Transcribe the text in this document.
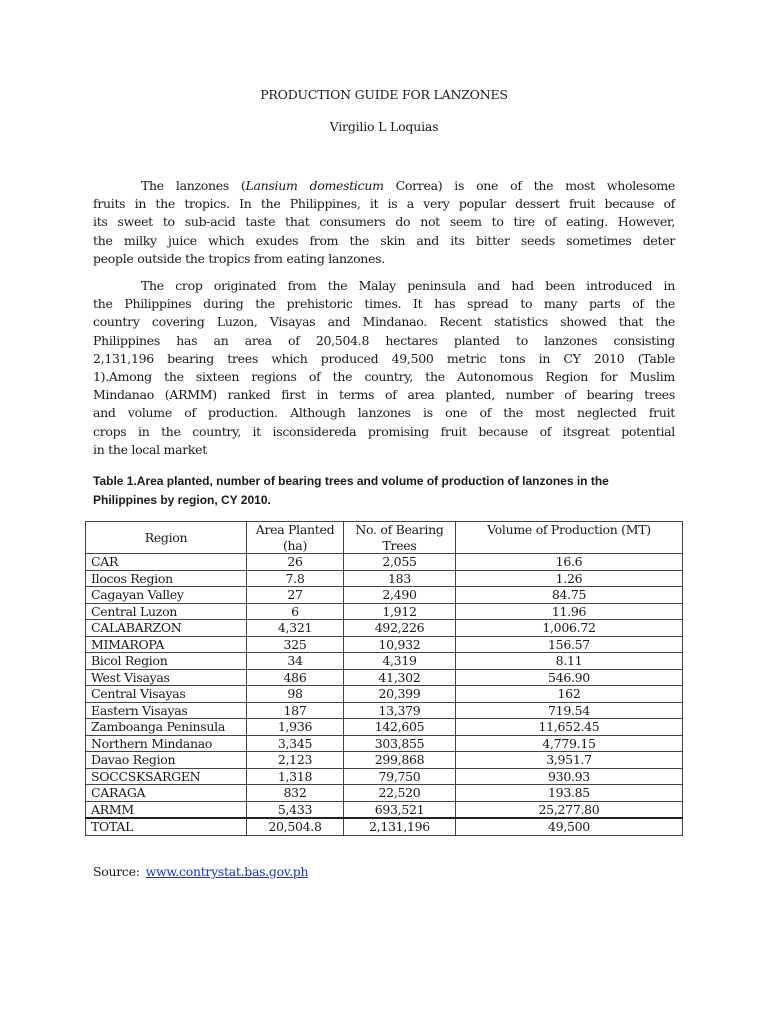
PRODUCTION GUIDE FOR LANZONES
Virgilio L Loquias
The lanzones (Lansium domesticum Correa) is one of the most wholesome
fruits in the tropics. In the Philippines, it is a very popular dessert fruit because of
its sweet to sub-acid taste that consumers do not seem to tire of eating. However,
the milky juice which exudes from the skin and its bitter seeds sometimes deter
people outside the tropics from eating lanzones.
The crop originated from the Malay peninsula and had been introduced in
the Philippines during the prehistoric times. It has spread to many parts of the
country covering Luzon, Visayas and Mindanao. Recent statistics showed that the
Philippines has an area of 20,504.8 hectares planted to lanzones consisting
2,131,196 bearing trees which produced 49,500 metric tons in CY 2010 (Table
1).Among the sixteen regions of the country, the Autonomous Region for Muslim
Mindanao (ARMM) ranked first in terms of area planted, number of bearing trees
and volume of production. Although lanzones is one of the most neglected fruit
crops in the country, it isconsidereda promising fruit because of itsgreat potential
in the local market
Table 1.Area planted, number of bearing trees and volume of production of lanzones in the
Philippines by region, CY 2010.
Region	Area Planted (ha)	No. of Bearing Trees	Volume of Production (MT)
CAR	26	2,055	16.6
Ilocos Region	7.8	183	1.26
Cagayan Valley	27	2,490	84.75
Central Luzon	6	1,912	11.96
CALABARZON	4,321	492,226	1,006.72
MIMAROPA	325	10,932	156.57
Bicol Region	34	4,319	8.11
West Visayas	486	41,302	546.90
Central Visayas	98	20,399	162
Eastern Visayas	187	13,379	719.54
Zamboanga Peninsula	1,936	142,605	11,652.45
Northern Mindanao	3,345	303,855	4,779.15
Davao Region	2,123	299,868	3,951.7
SOCCSKSARGEN	1,318	79,750	930.93
CARAGA	832	22,520	193.85
ARMM	5,433	693,521	25,277.80
TOTAL	20,504.8	2,131,196	49,500
Source: www.contrystat.bas.gov.ph
